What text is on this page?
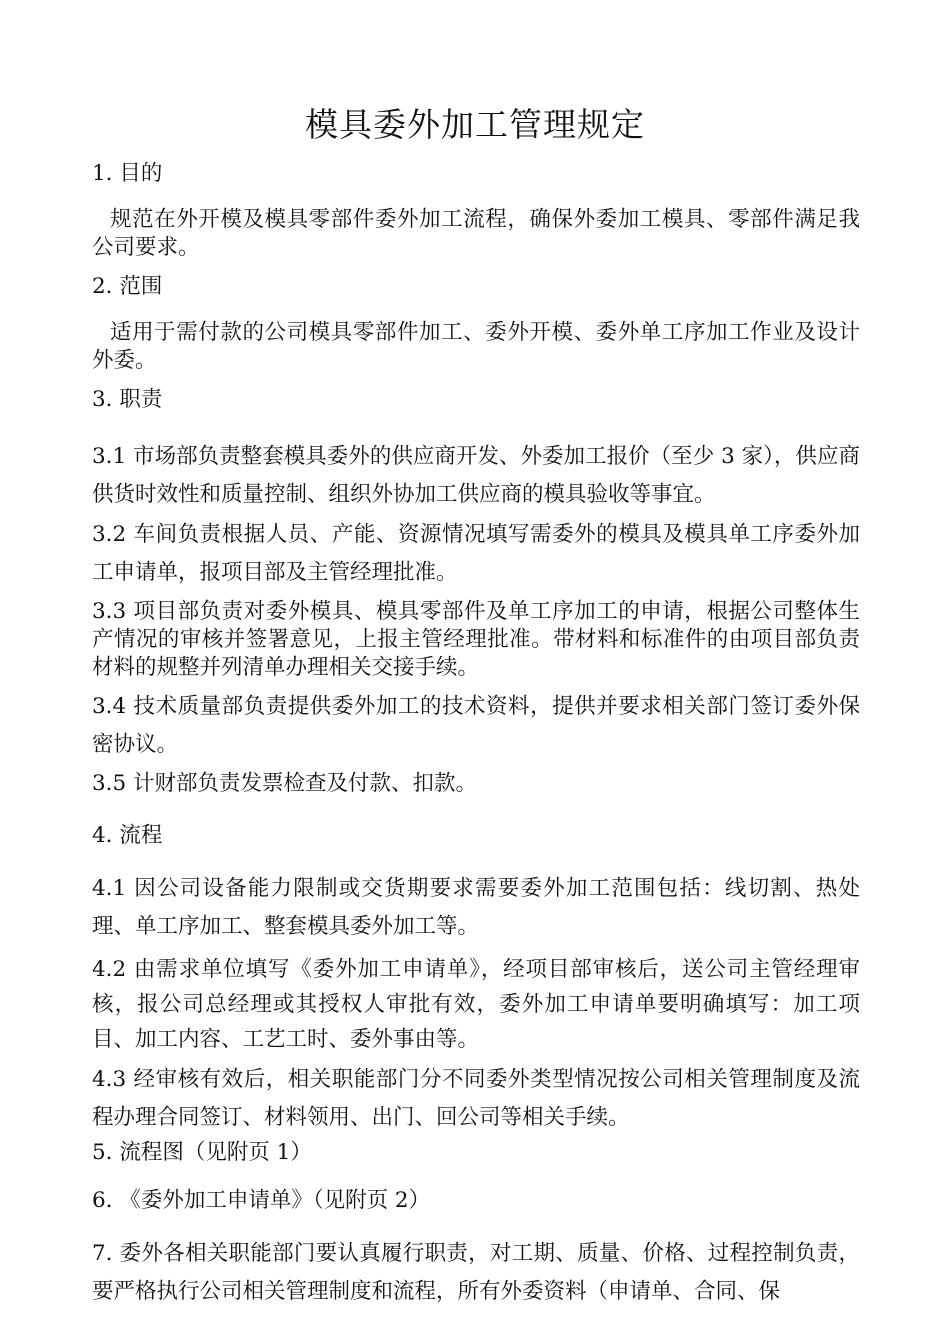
模具委外加工管理规定

1. 目的

规范在外开模及模具零部件委外加工流程，确保外委加工模具、零部件满足我公司要求。

2. 范围

适用于需付款的公司模具零部件加工、委外开模、委外单工序加工作业及设计外委。

3. 职责

3.1 市场部负责整套模具委外的供应商开发、外委加工报价（至少 3 家），供应商供货时效性和质量控制、组织外协加工供应商的模具验收等事宜。

3.2 车间负责根据人员、产能、资源情况填写需委外的模具及模具单工序委外加工申请单，报项目部及主管经理批准。

3.3 项目部负责对委外模具、模具零部件及单工序加工的申请，根据公司整体生产情况的审核并签署意见，上报主管经理批准。带材料和标准件的由项目部负责材料的规整并列清单办理相关交接手续。

3.4 技术质量部负责提供委外加工的技术资料，提供并要求相关部门签订委外保密协议。

3.5 计财部负责发票检查及付款、扣款。

4. 流程

4.1 因公司设备能力限制或交货期要求需要委外加工范围包括：线切割、热处理、单工序加工、整套模具委外加工等。

4.2 由需求单位填写《委外加工申请单》，经项目部审核后，送公司主管经理审核，报公司总经理或其授权人审批有效，委外加工申请单要明确填写：加工项目、加工内容、工艺工时、委外事由等。

4.3 经审核有效后，相关职能部门分不同委外类型情况按公司相关管理制度及流程办理合同签订、材料领用、出门、回公司等相关手续。

5. 流程图（见附页 1）

6. 《委外加工申请单》（见附页 2）

7. 委外各相关职能部门要认真履行职责，对工期、质量、价格、过程控制负责，要严格执行公司相关管理制度和流程，所有外委资料（申请单、合同、保
